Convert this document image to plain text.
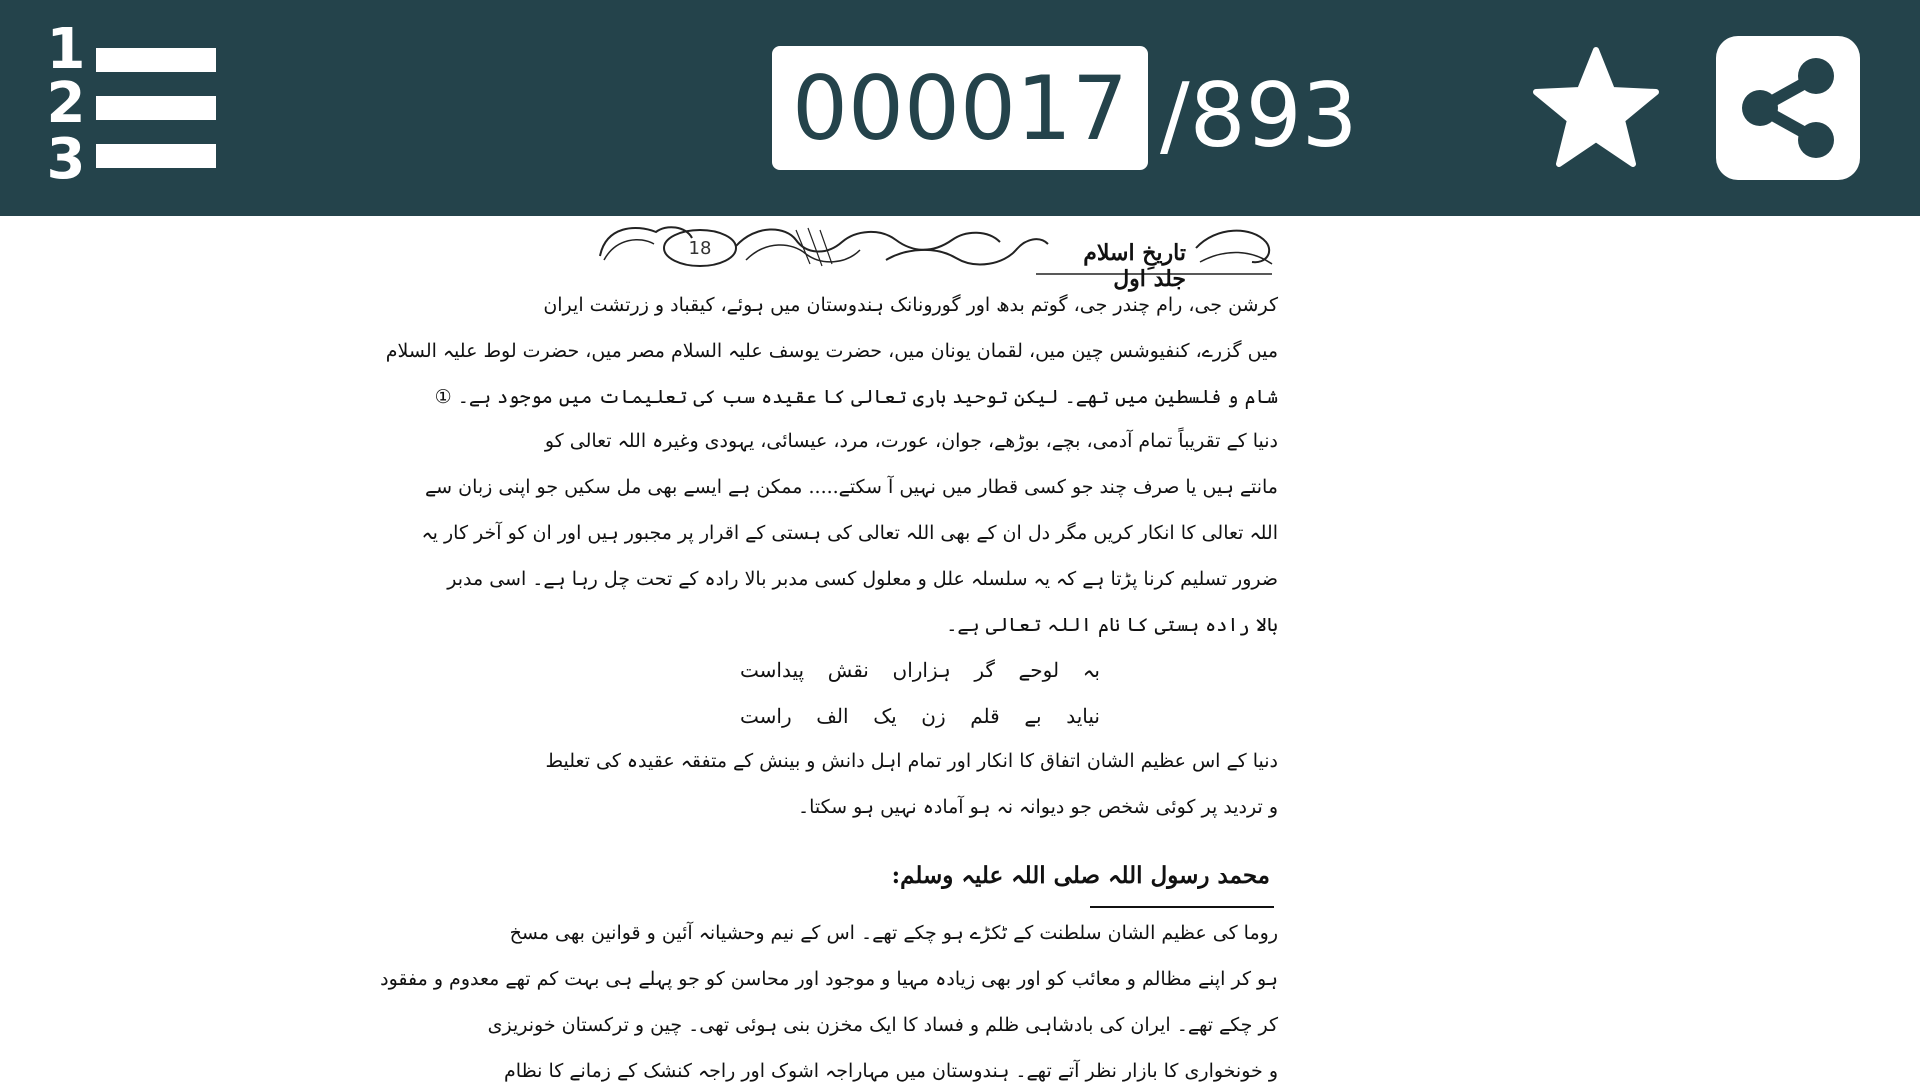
1
2
3
000017	/893
18	تاریخِ اسلام جلد اول
کرشن جی، رام چندر جی، گوتم بدھ اور گورونانک ہندوستان میں ہوئے، کیقباد و زرتشت ایران
میں گزرے، کنفیوشس چین میں، لقمان یونان میں، حضرت یوسف علیہ السلام مصر میں، حضرت لوط علیہ السلام
شام و فلسطین میں تھے۔ لیکن توحید باری تعالی کا عقیدہ سب کی تعلیمات میں موجود ہے۔ ①
دنیا کے تقریباً تمام آدمی، بچے، بوڑھے، جوان، عورت، مرد، عیسائی، یہودی وغیرہ اللہ تعالی کو
مانتے ہیں یا صرف چند جو کسی قطار میں نہیں آ سکتے..... ممکن ہے ایسے بھی مل سکیں جو اپنی زبان سے
اللہ تعالی کا انکار کریں مگر دل ان کے بھی اللہ تعالی کی ہستی کے اقرار پر مجبور ہیں اور ان کو آخر کار یہ
ضرور تسلیم کرنا پڑتا ہے کہ یہ سلسلہ علل و معلول کسی مدبر بالا رادہ کے تحت چل رہا ہے۔ اسی مدبر
بالا رادہ ہستی کا نام اللہ تعالی ہے۔
بہ لوحے گر ہزاراں نقش پیداست
نیاید بے قلم زن یک الف راست
دنیا کے اس عظیم الشان اتفاق کا انکار اور تمام اہل دانش و بینش کے متفقہ عقیدہ کی تعلیط
و تردید پر کوئی شخص جو دیوانہ نہ ہو آمادہ نہیں ہو سکتا۔
محمد رسول اللہ صلی اللہ علیہ وسلم:
روما کی عظیم الشان سلطنت کے ٹکڑے ہو چکے تھے۔ اس کے نیم وحشیانہ آئین و قوانین بھی مسخ
ہو کر اپنے مظالم و معائب کو اور بھی زیادہ مہیا و موجود اور محاسن کو جو پہلے ہی بہت کم تھے معدوم و مفقود
کر چکے تھے۔ ایران کی بادشاہی ظلم و فساد کا ایک مخزن بنی ہوئی تھی۔ چین و ترکستان خونریزی
و خونخواری کا بازار نظر آتے تھے۔ ہندوستان میں مہاراجہ اشوک اور راجہ کنشک کے زمانے کا نظام
